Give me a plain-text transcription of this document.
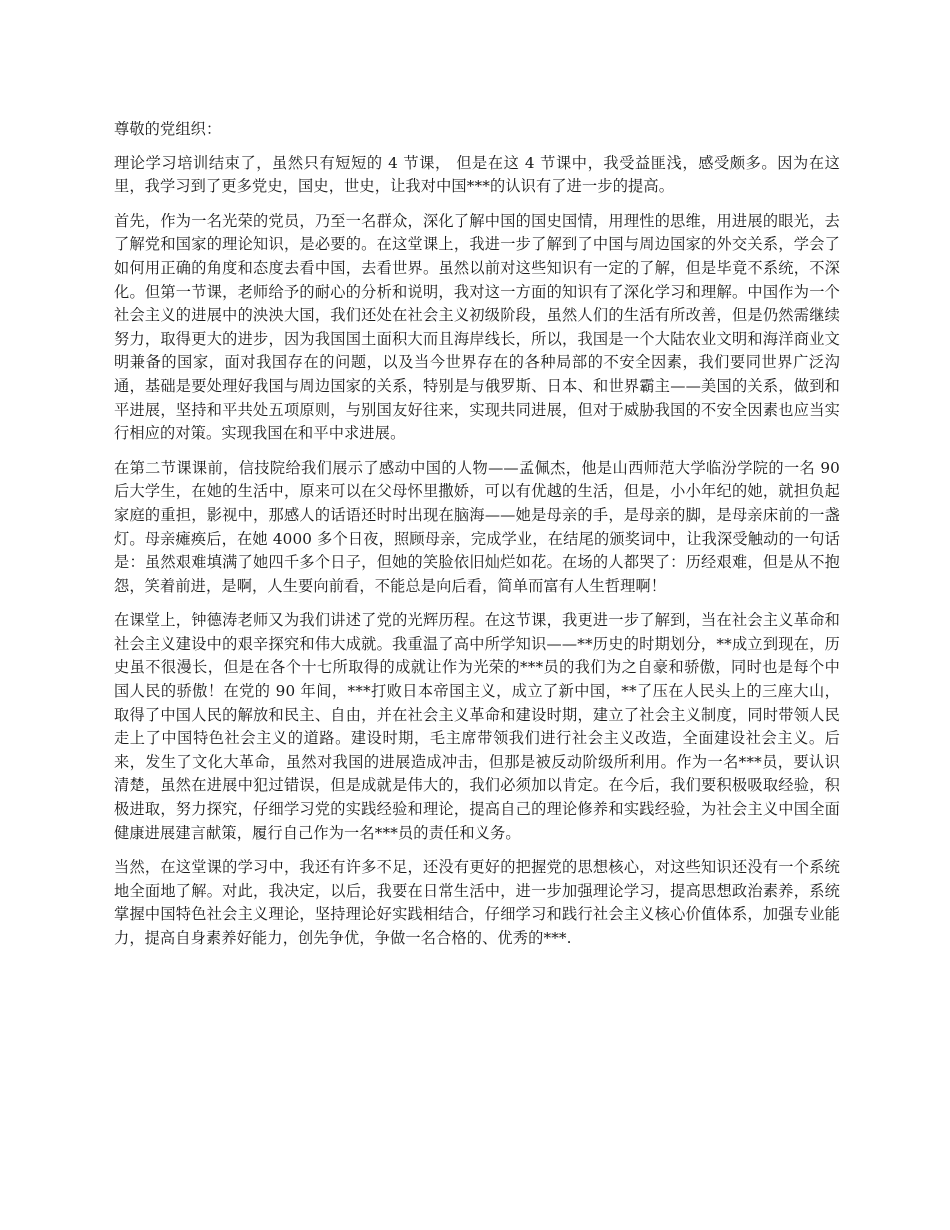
尊敬的党组织：

理论学习培训结束了，虽然只有短短的 4 节课， 但是在这 4 节课中，我受益匪浅，感受颇多。因为在这里，我学习到了更多党史，国史，世史，让我对中国***的认识有了进一步的提高。

首先，作为一名光荣的党员，乃至一名群众，深化了解中国的国史国情，用理性的思维，用进展的眼光，去了解党和国家的理论知识，是必要的。在这堂课上，我进一步了解到了中国与周边国家的外交关系，学会了如何用正确的角度和态度去看中国，去看世界。虽然以前对这些知识有一定的了解，但是毕竟不系统，不深化。但第一节课，老师给予的耐心的分析和说明，我对这一方面的知识有了深化学习和理解。中国作为一个社会主义的进展中的泱泱大国，我们还处在社会主义初级阶段，虽然人们的生活有所改善，但是仍然需继续努力，取得更大的进步，因为我国国土面积大而且海岸线长，所以，我国是一个大陆农业文明和海洋商业文明兼备的国家，面对我国存在的问题，以及当今世界存在的各种局部的不安全因素，我们要同世界广泛沟通，基础是要处理好我国与周边国家的关系，特别是与俄罗斯、日本、和世界霸主——美国的关系，做到和平进展，坚持和平共处五项原则，与别国友好往来，实现共同进展，但对于威胁我国的不安全因素也应当实行相应的对策。实现我国在和平中求进展。

在第二节课课前，信技院给我们展示了感动中国的人物——孟佩杰，他是山西师范大学临汾学院的一名 90 后大学生，在她的生活中，原来可以在父母怀里撒娇，可以有优越的生活，但是，小小年纪的她，就担负起家庭的重担，影视中，那感人的话语还时时出现在脑海——她是母亲的手，是母亲的脚，是母亲床前的一盏灯。母亲瘫痪后，在她 4000 多个日夜，照顾母亲，完成学业，在结尾的颁奖词中，让我深受触动的一句话是：虽然艰难填满了她四千多个日子，但她的笑脸依旧灿烂如花。在场的人都哭了：历经艰难，但是从不抱怨，笑着前进，是啊，人生要向前看，不能总是向后看，简单而富有人生哲理啊！

在课堂上，钟德涛老师又为我们讲述了党的光辉历程。在这节课，我更进一步了解到，当在社会主义革命和社会主义建设中的艰辛探究和伟大成就。我重温了高中所学知识——**历史的时期划分，**成立到现在，历史虽不很漫长，但是在各个十七所取得的成就让作为光荣的***员的我们为之自豪和骄傲，同时也是每个中国人民的骄傲！在党的 90 年间，***打败日本帝国主义，成立了新中国，**了压在人民头上的三座大山，取得了中国人民的解放和民主、自由，并在社会主义革命和建设时期，建立了社会主义制度，同时带领人民走上了中国特色社会主义的道路。建设时期，毛主席带领我们进行社会主义改造，全面建设社会主义。后来，发生了文化大革命，虽然对我国的进展造成冲击，但那是被反动阶级所利用。作为一名***员，要认识清楚，虽然在进展中犯过错误，但是成就是伟大的，我们必须加以肯定。在今后，我们要积极吸取经验，积极进取，努力探究，仔细学习党的实践经验和理论，提高自己的理论修养和实践经验，为社会主义中国全面健康进展建言献策，履行自己作为一名***员的责任和义务。

当然，在这堂课的学习中，我还有许多不足，还没有更好的把握党的思想核心，对这些知识还没有一个系统地全面地了解。对此，我决定，以后，我要在日常生活中，进一步加强理论学习，提高思想政治素养，系统掌握中国特色社会主义理论，坚持理论好实践相结合，仔细学习和践行社会主义核心价值体系，加强专业能力，提高自身素养好能力，创先争优，争做一名合格的、优秀的***.
